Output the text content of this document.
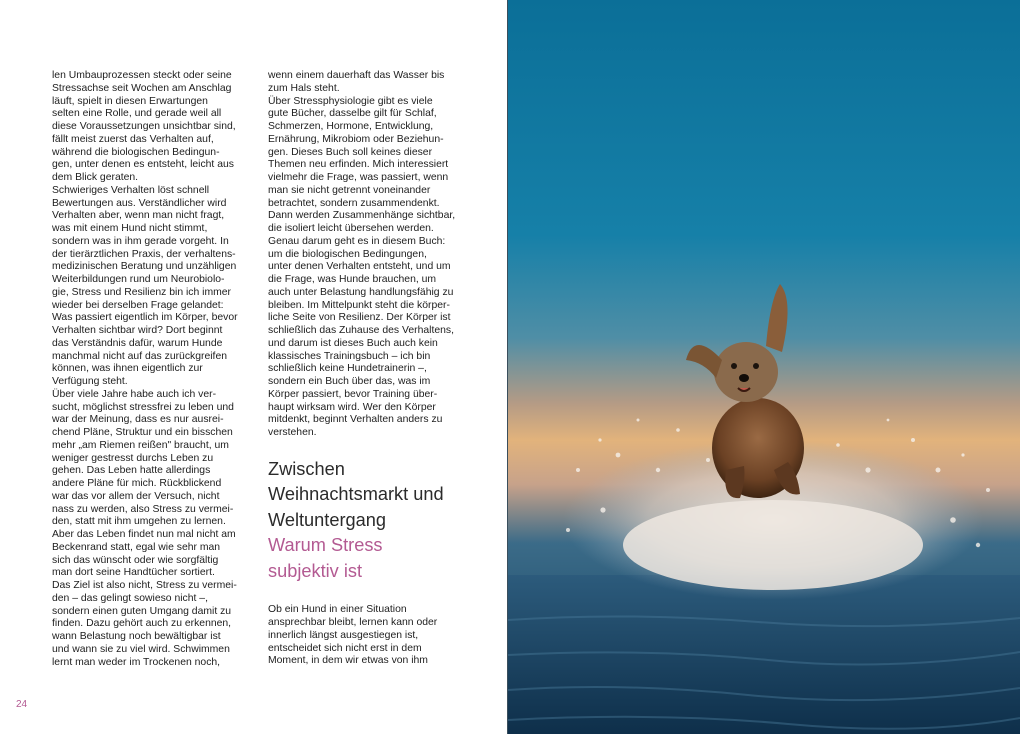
len Umbauprozessen steckt oder seine
Stressachse seit Wochen am Anschlag
läuft, spielt in diesen Erwartungen
selten eine Rolle, und gerade weil all
diese Voraussetzungen unsichtbar sind,
fällt meist zuerst das Verhalten auf,
während die biologischen Bedingun-
gen, unter denen es entsteht, leicht aus
dem Blick geraten.
Schwieriges Verhalten löst schnell
Bewertungen aus. Verständlicher wird
Verhalten aber, wenn man nicht fragt,
was mit einem Hund nicht stimmt,
sondern was in ihm gerade vorgeht. In
der tierärztlichen Praxis, der verhaltens-
medizinischen Beratung und unzähligen
Weiterbildungen rund um Neurobiolo-
gie, Stress und Resilienz bin ich immer
wieder bei derselben Frage gelandet:
Was passiert eigentlich im Körper, bevor
Verhalten sichtbar wird? Dort beginnt
das Verständnis dafür, warum Hunde
manchmal nicht auf das zurückgreifen
können, was ihnen eigentlich zur
Verfügung steht.
Über viele Jahre habe auch ich ver-
sucht, möglichst stressfrei zu leben und
war der Meinung, dass es nur ausrei-
chend Pläne, Struktur und ein bisschen
mehr „am Riemen reißen" braucht, um
weniger gestresst durchs Leben zu
gehen. Das Leben hatte allerdings
andere Pläne für mich. Rückblickend
war das vor allem der Versuch, nicht
nass zu werden, also Stress zu vermei-
den, statt mit ihm umgehen zu lernen.
Aber das Leben findet nun mal nicht am
Beckenrand statt, egal wie sehr man
sich das wünscht oder wie sorgfältig
man dort seine Handtücher sortiert.
Das Ziel ist also nicht, Stress zu vermei-
den – das gelingt sowieso nicht –,
sondern einen guten Umgang damit zu
finden. Dazu gehört auch zu erkennen,
wann Belastung noch bewältigbar ist
und wann sie zu viel wird. Schwimmen
lernt man weder im Trockenen noch,
wenn einem dauerhaft das Wasser bis
zum Hals steht.
Über Stressphysiologie gibt es viele
gute Bücher, dasselbe gilt für Schlaf,
Schmerzen, Hormone, Entwicklung,
Ernährung, Mikrobiom oder Beziehun-
gen. Dieses Buch soll keines dieser
Themen neu erfinden. Mich interessiert
vielmehr die Frage, was passiert, wenn
man sie nicht getrennt voneinander
betrachtet, sondern zusammendenkt.
Dann werden Zusammenhänge sichtbar,
die isoliert leicht übersehen werden.
Genau darum geht es in diesem Buch:
um die biologischen Bedingungen,
unter denen Verhalten entsteht, und um
die Frage, was Hunde brauchen, um
auch unter Belastung handlungsfähig zu
bleiben. Im Mittelpunkt steht die körper-
liche Seite von Resilienz. Der Körper ist
schließlich das Zuhause des Verhaltens,
und darum ist dieses Buch auch kein
klassisches Trainingsbuch – ich bin
schließlich keine Hundetrainerin –,
sondern ein Buch über das, was im
Körper passiert, bevor Training über-
haupt wirksam wird. Wer den Körper
mitdenkt, beginnt Verhalten anders zu
verstehen.
Zwischen
Weihnachtsmarkt und
Weltuntergang
Warum Stress
subjektiv ist
Ob ein Hund in einer Situation
ansprechbar bleibt, lernen kann oder
innerlich längst ausgestiegen ist,
entscheidet sich nicht erst in dem
Moment, in dem wir etwas von ihm
24
